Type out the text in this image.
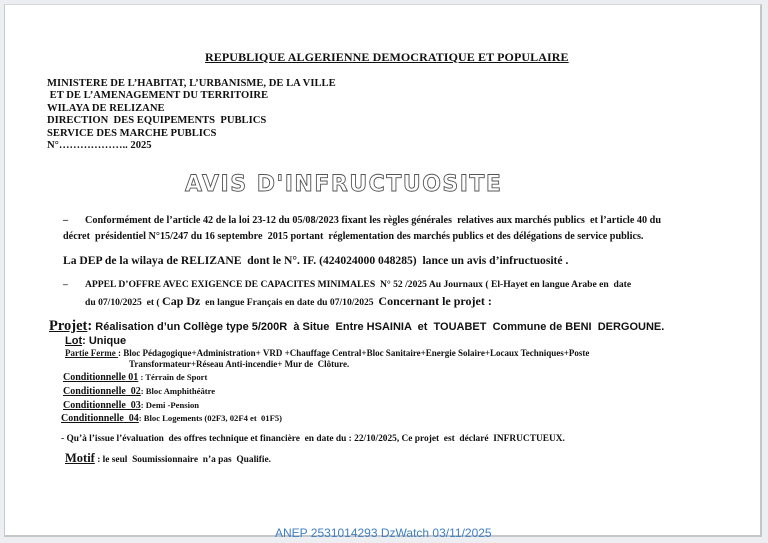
REPUBLIQUE ALGERIENNE DEMOCRATIQUE ET POPULAIRE
MINISTERE DE L’HABITAT, L’URBANISME, DE LA VILLE
ET DE L’AMENAGEMENT DU TERRITOIRE
WILAYA DE RELIZANE
DIRECTION  DES EQUIPEMENTS  PUBLICS
SERVICE DES MARCHE PUBLICS
N°……………….. 2025
AVIS D'INFRUCTUOSITE
– Conformément de l’article 42 de la loi 23-12 du 05/08/2023 fixant les règles générales  relatives aux marchés publics  et l’article 40 du
décret  présidentiel N°15/247 du 16 septembre  2015 portant  réglementation des marchés publics et des délégations de service publics.
La DEP de la wilaya de RELIZANE  dont le N°. IF. (424024000 048285)  lance un avis d’infructuosité .
– APPEL D’OFFRE AVEC EXIGENCE DE CAPACITES MINIMALES  N° 52 /2025 Au Journaux ( El-Hayet en langue Arabe en  date
du 07/10/2025  et ( Cap Dz  en langue Français en date du 07/10/2025  Concernant le projet :
Projet: Réalisation d’un Collège type 5/200R  à Situe  Entre HSAINIA  et  TOUABET  Commune de BENI  DERGOUNE.
Lot: Unique
Partie Ferme : Bloc Pédagogique+Administration+ VRD +Chauffage Central+Bloc Sanitaire+Energie Solaire+Locaux Techniques+Poste
Transformateur+Réseau Anti-incendie+ Mur de  Clôture.
Conditionnelle 01 : Térrain de Sport
Conditionnelle  02: Bloc Amphithéâtre
Conditionnelle  03: Demi -Pension
Conditionnelle  04: Bloc Logements (02F3, 02F4 et  01F5)
- Qu’à l’issue l’évaluation  des offres technique et financière  en date du : 22/10/2025, Ce projet  est  déclaré  INFRUCTUEUX.
Motif : le seul  Soumissionnaire  n’a pas  Qualifie.
ANEP 2531014293 DzWatch 03/11/2025
